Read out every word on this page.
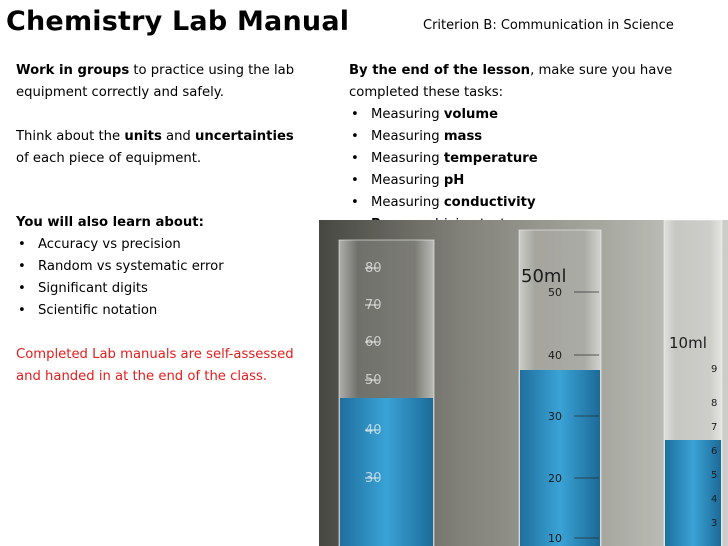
Chemistry Lab Manual	Criterion B: Communication in Science
Work in groups to practice using the lab
equipment correctly and safely.
Think about the units and uncertainties
of each piece of equipment.
You will also learn about:
• Accuracy vs precision
• Random vs systematic error
• Significant digits
• Scientific notation
Completed Lab manuals are self-assessed
and handed in at the end of the class.
By the end of the lesson, make sure you have
completed these tasks:
• Measuring volume
• Measuring mass
• Measuring temperature
• Measuring pH
• Measuring conductivity
•
80
70
60
50
40
30
50ml
50
40
30
20
10
10ml
9
8
7
6
5
4
3
